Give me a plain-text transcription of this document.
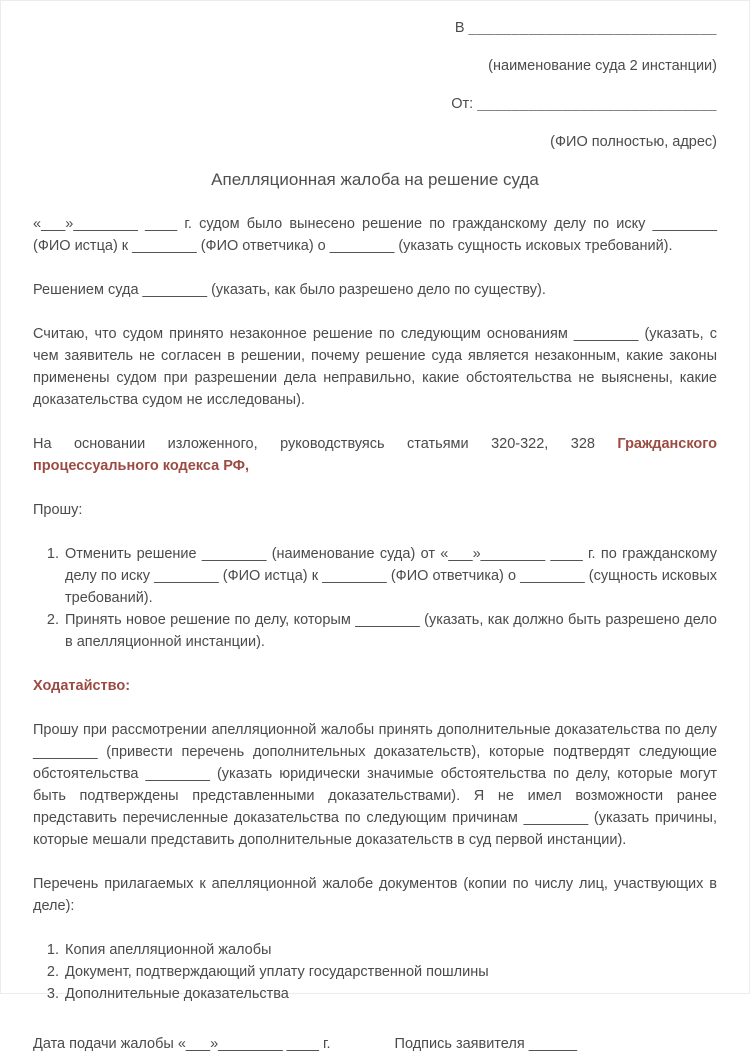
В _____________________________
(наименование суда 2 инстанции)
От: ____________________________
(ФИО полностью, адрес)
Апелляционная жалоба на решение суда

«___»________ ____ г. судом было вынесено решение по гражданскому делу по иску ________ (ФИО истца) к ________ (ФИО ответчика) о ________ (указать сущность исковых требований).

Решением суда ________ (указать, как было разрешено дело по существу).

Считаю, что судом принято незаконное решение по следующим основаниям ________ (указать, с чем заявитель не согласен в решении, почему решение суда является незаконным, какие законы применены судом при разрешении дела неправильно, какие обстоятельства не выяснены, какие доказательства судом не исследованы).

На основании изложенного, руководствуясь статьями 320-322, 328 Гражданского процессуального кодекса РФ,

Прошу:

1. Отменить решение ________ (наименование суда) от «___»________ ____ г. по гражданскому делу по иску ________ (ФИО истца) к ________ (ФИО ответчика) о ________ (сущность исковых требований).
2. Принять новое решение по делу, которым ________ (указать, как должно быть разрешено дело в апелляционной инстанции).

Ходатайство:

Прошу при рассмотрении апелляционной жалобы принять дополнительные доказательства по делу ________ (привести перечень дополнительных доказательств), которые подтвердят следующие обстоятельства ________ (указать юридически значимые обстоятельства по делу, которые могут быть подтверждены представленными доказательствами). Я не имел возможности ранее представить перечисленные доказательства по следующим причинам ________ (указать причины, которые мешали представить дополнительные доказательств в суд первой инстанции).

Перечень прилагаемых к апелляционной жалобе документов (копии по числу лиц, участвующих в деле):

1. Копия апелляционной жалобы
2. Документ, подтверждающий уплату государственной пошлины
3. Дополнительные доказательства
Дата подачи жалобы «___»________ ____ г.	Подпись заявителя ______
